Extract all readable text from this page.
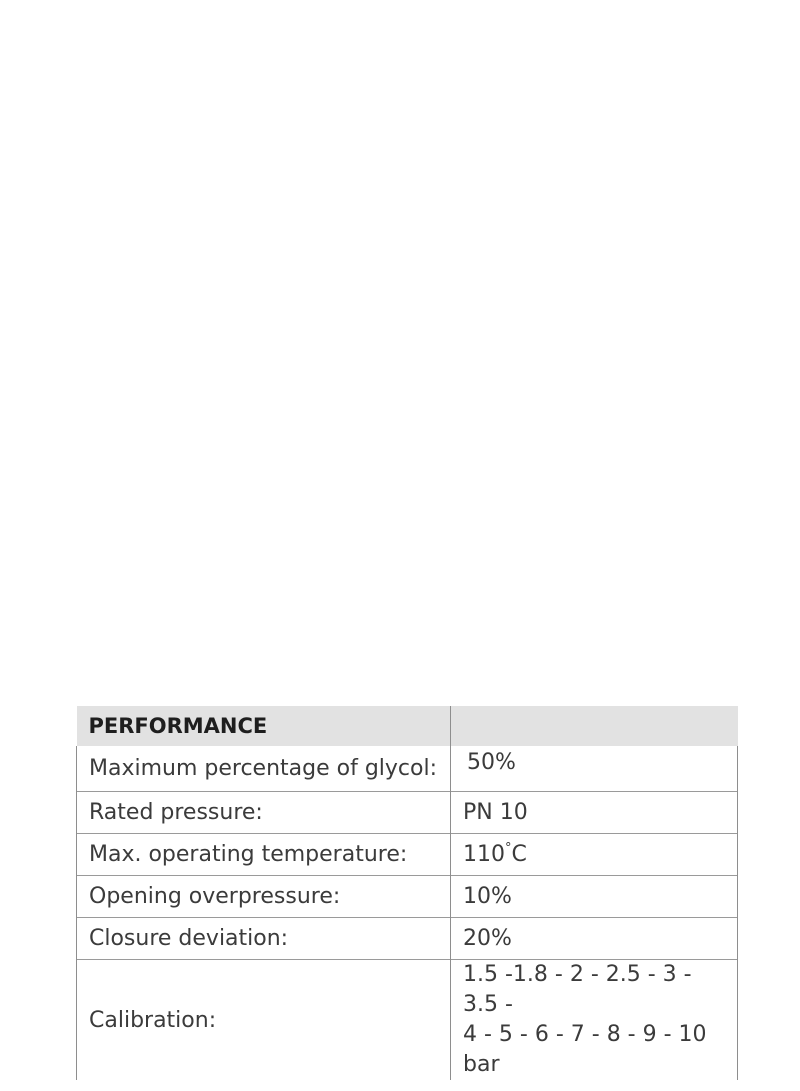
PERFORMANCE	
Maximum percentage of glycol:	50%
Rated pressure:	PN 10
Max. operating temperature:	110°C
Opening overpressure:	10%
Closure deviation:	20%
Calibration:	1.5 -1.8 - 2 - 2.5 - 3 - 3.5 -
4 - 5 - 6 - 7 - 8 - 9 - 10 bar
